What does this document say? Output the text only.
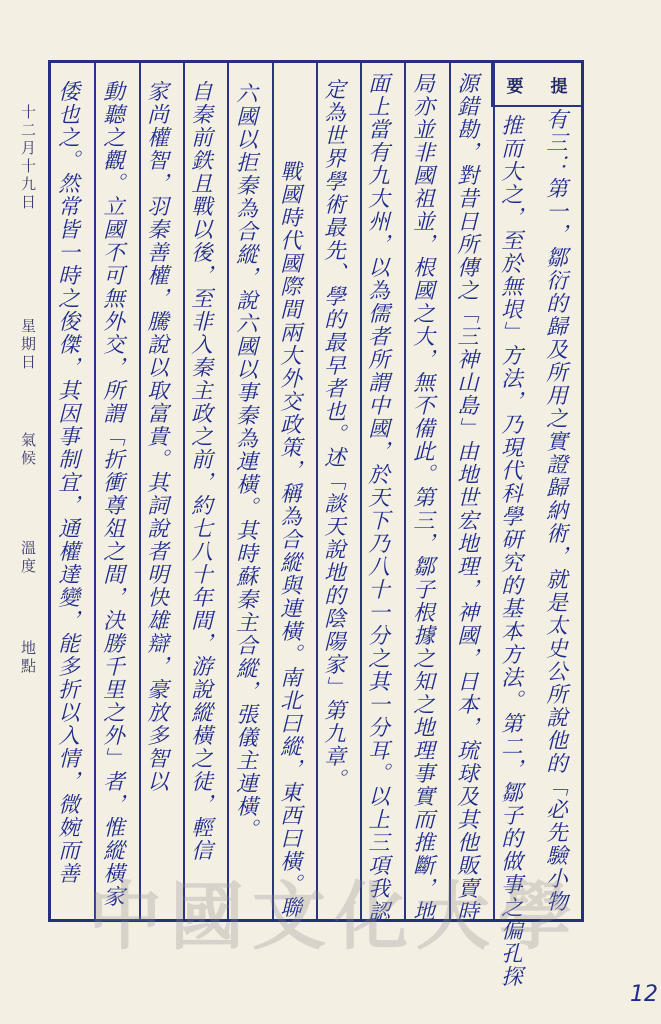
十二月十九日
星期日
氣候
溫度
地點
要 提
有三：第一，鄒衍的歸及所用之實證歸納術，就是太史公所說他的「必先驗小物
推而大之，至於無垠」方法，乃現代科學研究的基本方法。第二，鄒子的做事之偏孔探
源錯勘，對昔日所傳之「三神山島」由地世宏地理，神國，日本，琉球及其他販賣時
局亦並非國祖並，根國之大，無不備此。第三，鄒子根據之知之地理事實而推斷，地
面上當有九大州，以為儒者所謂中國，於天下乃八十一分之其一分耳。以上三項我認
定為世界學術最先、學的最早者也。述「談天說地的陰陽家」第九章。
戰國時代國際間兩大外交政策，稱為合縱與連橫。南北曰縱，東西曰橫。聯
六國以拒秦為合縱，說六國以事秦為連橫。其時蘇秦主合縱，張儀主連橫。
自秦前鉄且戰以後，至非入秦主政之前，約七八十年間，游說縱橫之徒，輕信
家尚權智，羽秦善權，騰說以取富貴。其詞說者明快雄辯，豪放多智以
動聽之觀。立國不可無外交，所謂「折衝尊俎之間，決勝千里之外」者，惟縱橫家
倭也之。然常皆一時之俊傑，其因事制宜，通權達變，能多折以入情，微婉而善
中國文化大學
12
